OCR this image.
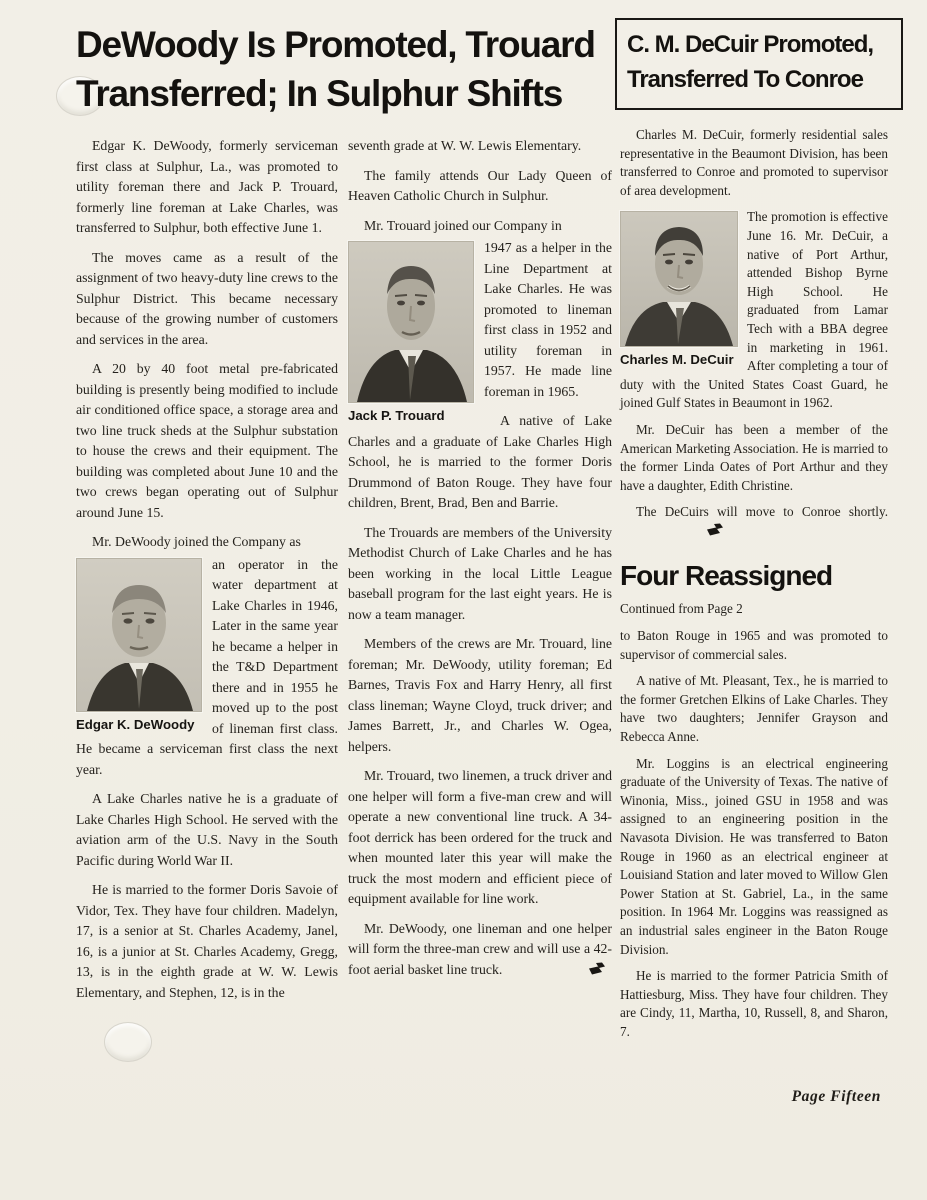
DeWoody Is Promoted, Trouard
Transferred; In Sulphur Shifts
C. M. DeCuir Promoted,
Transferred To Conroe

Edgar K. DeWoody, formerly serviceman first class at Sulphur, La., was promoted to utility foreman there and Jack P. Trouard, formerly line foreman at Lake Charles, was transferred to Sulphur, both effective June 1.

The moves came as a result of the assignment of two heavy-duty line crews to the Sulphur District. This became necessary because of the growing number of customers and services in the area.

A 20 by 40 foot metal pre-fabricated building is presently being modified to include air conditioned office space, a storage area and two line truck sheds at the Sulphur substation to house the crews and their equipment. The building was completed about June 10 and the two crews began operating out of Sulphur around June 15.

Mr. DeWoody joined the Company as

Edgar K. DeWoody

an operator in the water department at Lake Charles in 1946, Later in the same year he became a helper in the T&D Department there and in 1955 he moved up to the post of lineman first class. He became a serviceman first class the next year.

A Lake Charles native he is a graduate of Lake Charles High School. He served with the aviation arm of the U.S. Navy in the South Pacific during World War II.

He is married to the former Doris Savoie of Vidor, Tex. They have four children. Madelyn, 17, is a senior at St. Charles Academy, Janel, 16, is a junior at St. Charles Academy, Gregg, 13, is in the eighth grade at W. W. Lewis Elementary, and Stephen, 12, is in the

seventh grade at W. W. Lewis Elementary.

The family attends Our Lady Queen of Heaven Catholic Church in Sulphur.

Mr. Trouard joined our Company in

Jack P. Trouard

1947 as a helper in the Line Department at Lake Charles. He was promoted to lineman first class in 1952 and utility foreman in 1957. He made line foreman in 1965.

A native of Lake Charles and a graduate of Lake Charles High School, he is married to the former Doris Drummond of Baton Rouge. They have four children, Brent, Brad, Ben and Barrie.

The Trouards are members of the University Methodist Church of Lake Charles and he has been working in the local Little League baseball program for the last eight years. He is now a team manager.

Members of the crews are Mr. Trouard, line foreman; Mr. DeWoody, utility foreman; Ed Barnes, Travis Fox and Harry Henry, all first class lineman; Wayne Cloyd, truck driver; and James Barrett, Jr., and Charles W. Ogea, helpers.

Mr. Trouard, two linemen, a truck driver and one helper will form a five-man crew and will operate a new conventional line truck. A 34-foot derrick has been ordered for the truck and when mounted later this year will make the truck the most modern and efficient piece of equipment available for line work.

Mr. DeWoody, one lineman and one helper will form the three-man crew and will use a 42-foot aerial basket line truck.

Charles M. DeCuir, formerly residential sales representative in the Beaumont Division, has been transferred to Conroe and promoted to supervisor of area development.

Charles M. DeCuir

The promotion is effective June 16. Mr. DeCuir, a native of Port Arthur, attended Bishop Byrne High School. He graduated from Lamar Tech with a BBA degree in marketing in 1961. After completing a tour of duty with the United States Coast Guard, he joined Gulf States in Beaumont in 1962.

Mr. DeCuir has been a member of the American Marketing Association. He is married to the former Linda Oates of Port Arthur and they have a daughter, Edith Christine.

The DeCuirs will move to Conroe shortly.

Four Reassigned

Continued from Page 2

to Baton Rouge in 1965 and was promoted to supervisor of commercial sales.

A native of Mt. Pleasant, Tex., he is married to the former Gretchen Elkins of Lake Charles. They have two daughters; Jennifer Grayson and Rebecca Anne.

Mr. Loggins is an electrical engineering graduate of the University of Texas. The native of Winonia, Miss., joined GSU in 1958 and was assigned to an engineering position in the Navasota Division. He was transferred to Baton Rouge in 1960 as an electrical engineer at Louisiand Station and later moved to Willow Glen Power Station at St. Gabriel, La., in the same position. In 1964 Mr. Loggins was reassigned as an industrial sales engineer in the Baton Rouge Division.

He is married to the former Patricia Smith of Hattiesburg, Miss. They have four children. They are Cindy, 11, Martha, 10, Russell, 8, and Sharon, 7.

Page Fifteen
